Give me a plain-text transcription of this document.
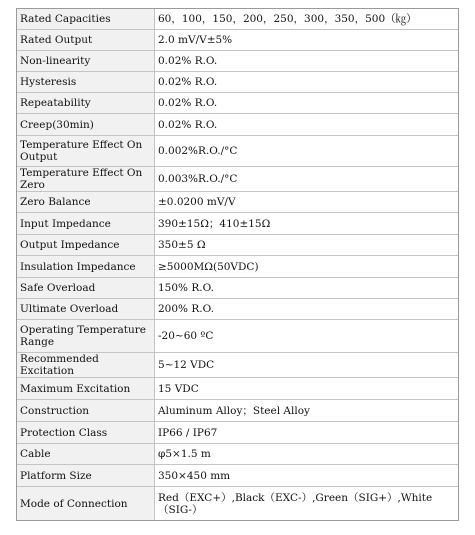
Rated Capacities	60，100，150，200，250，300，350，500（㎏）
Rated Output	2.0 mV/V±5%
Non-linearity	0.02% R.O.
Hysteresis	0.02% R.O.
Repeatability	0.02% R.O.
Creep(30min)	0.02% R.O.
Temperature Effect On Output	0.002%R.O./°C
Temperature Effect On Zero	0.003%R.O./°C
Zero Balance	±0.0200 mV/V
Input Impedance	390±15Ω；410±15Ω
Output Impedance	350±5 Ω
Insulation Impedance	≥5000MΩ(50VDC)
Safe Overload	150% R.O.
Ultimate Overload	200% R.O.
Operating Temperature Range	-20~60 ºC
Recommended Excitation	5~12 VDC
Maximum Excitation	15 VDC
Construction	Aluminum Alloy；Steel Alloy
Protection Class	IP66 / IP67
Cable	φ5×1.5 m
Platform Size	350×450 mm
Mode of Connection	Red（EXC+）,Black（EXC-）,Green（SIG+）,White（SIG-）
